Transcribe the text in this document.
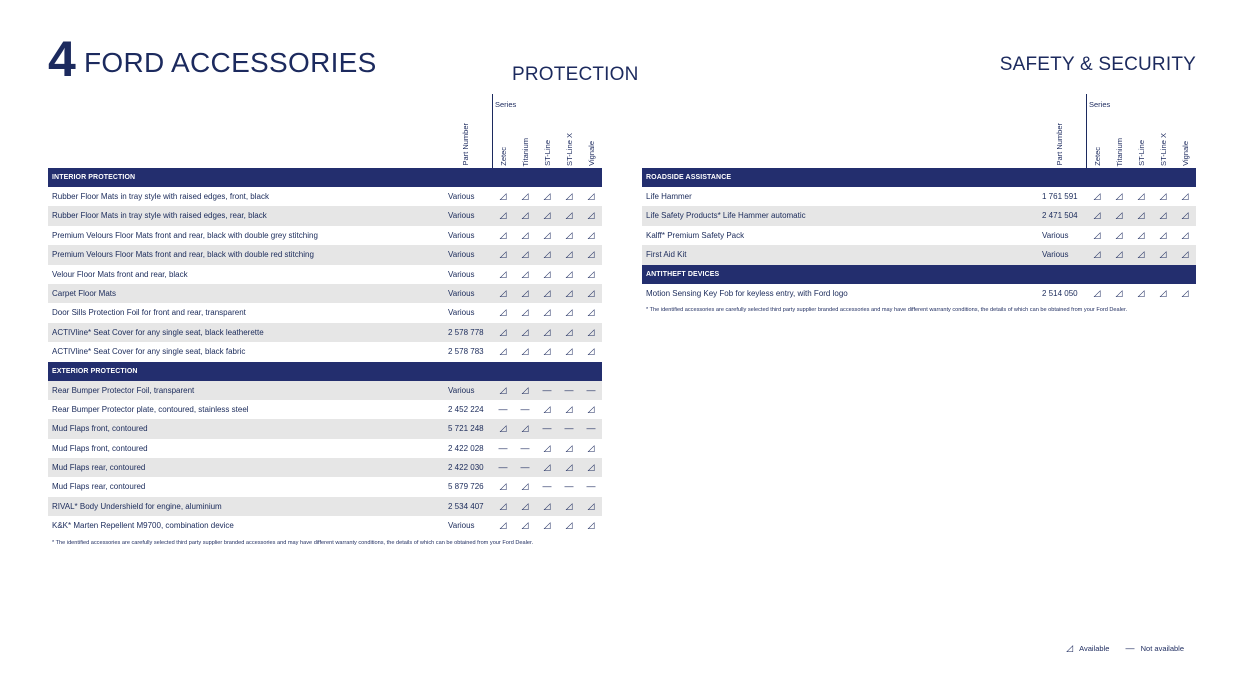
4 FORD ACCESSORIES	PROTECTION	SAFETY & SECURITY
Series
Part Number	Zetec Titanium ST-Line ST-Line X Vignale
INTERIOR PROTECTION
Rubber Floor Mats in tray style with raised edges, front, black	Various	◿ ◿ ◿ ◿ ◿
Rubber Floor Mats in tray style with raised edges, rear, black	Various	◿ ◿ ◿ ◿ ◿
Premium Velours Floor Mats front and rear, black with double grey stitching	Various	◿ ◿ ◿ ◿ ◿
Premium Velours Floor Mats front and rear, black with double red stitching	Various	◿ ◿ ◿ ◿ ◿
Velour Floor Mats front and rear, black	Various	◿ ◿ ◿ ◿ ◿
Carpet Floor Mats	Various	◿ ◿ ◿ ◿ ◿
Door Sills Protection Foil for front and rear, transparent	Various	◿ ◿ ◿ ◿ ◿
ACTIVline* Seat Cover for any single seat, black leatherette	2 578 778 ◿ ◿ ◿ ◿ ◿
ACTIVline* Seat Cover for any single seat, black fabric	2 578 783 ◿ ◿ ◿ ◿ ◿
EXTERIOR PROTECTION
Rear Bumper Protector Foil, transparent	Various	◿ ◿ — — —
Rear Bumper Protector plate, contoured, stainless steel	2 452 224 — — ◿ ◿ ◿
Mud Flaps front, contoured	5 721 248 ◿ ◿ — — —
Mud Flaps front, contoured	2 422 028 — — ◿ ◿ ◿
Mud Flaps rear, contoured	2 422 030 — — ◿ ◿ ◿
Mud Flaps rear, contoured	5 879 726 ◿ ◿ — — —
RIVAL* Body Undershield for engine, aluminium	2 534 407 ◿ ◿ ◿ ◿ ◿
K&K* Marten Repellent M9700, combination device	Various	◿ ◿ ◿ ◿ ◿
* The identified accessories are carefully selected third party supplier branded accessories and may have different warranty conditions, the details of which can be obtained from your Ford Dealer.
Series
Part Number	Zetec Titanium ST-Line ST-Line X Vignale
ROADSIDE ASSISTANCE
Life Hammer	1 761 591 ◿ ◿ ◿ ◿ ◿
Life Safety Products* Life Hammer automatic	2 471 504 ◿ ◿ ◿ ◿ ◿
Kalff* Premium Safety Pack	Various	◿ ◿ ◿ ◿ ◿
First Aid Kit	Various	◿ ◿ ◿ ◿ ◿
ANTITHEFT DEVICES
Motion Sensing Key Fob for keyless entry, with Ford logo	2 514 050 ◿ ◿ ◿ ◿ ◿
* The identified accessories are carefully selected third party supplier branded accessories and may have different warranty conditions, the details of which can be obtained from your Ford Dealer.
◿ Available — Not available
